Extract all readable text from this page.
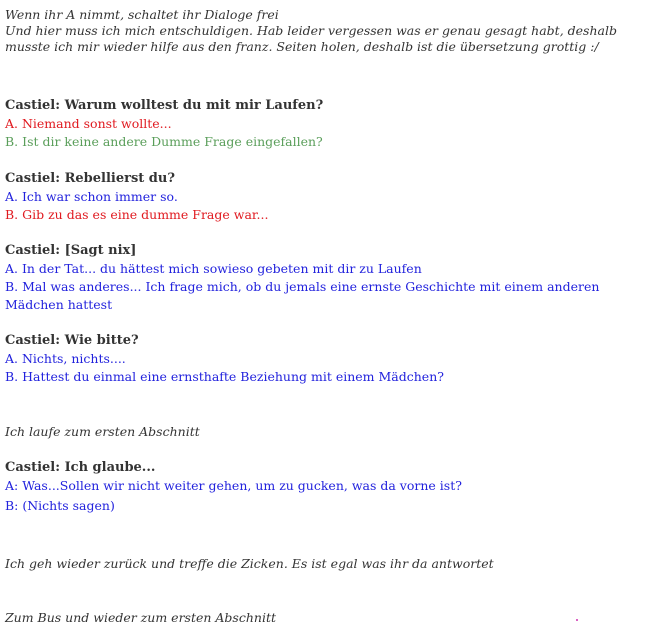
Wenn ihr A nimmt, schaltet ihr Dialoge frei

Und hier muss ich mich entschuldigen. Hab leider vergessen was er genau gesagt habt, deshalb musste ich mir wieder hilfe aus den franz. Seiten holen, deshalb ist die übersetzung grottig :/

Castiel: Warum wolltest du mit mir Laufen?

A. Niemand sonst wollte...

B. Ist dir keine andere Dumme Frage eingefallen?

Castiel: Rebellierst du?

A. Ich war schon immer so.

B. Gib zu das es eine dumme Frage war...

Castiel: [Sagt nix]

A. In der Tat... du hättest mich sowieso gebeten mit dir zu Laufen

B. Mal was anderes... Ich frage mich, ob du jemals eine ernste Geschichte mit einem anderen Mädchen hattest

Castiel: Wie bitte?

A. Nichts, nichts....

B. Hattest du einmal eine ernsthafte Beziehung mit einem Mädchen?

Ich laufe zum ersten Abschnitt

Castiel: Ich glaube...

A: Was...Sollen wir nicht weiter gehen, um zu gucken, was da vorne ist?

B: (Nichts sagen)

Ich geh wieder zurück und treffe die Zicken. Es ist egal was ihr da antwortet

Zum Bus und wieder zum ersten Abschnitt
